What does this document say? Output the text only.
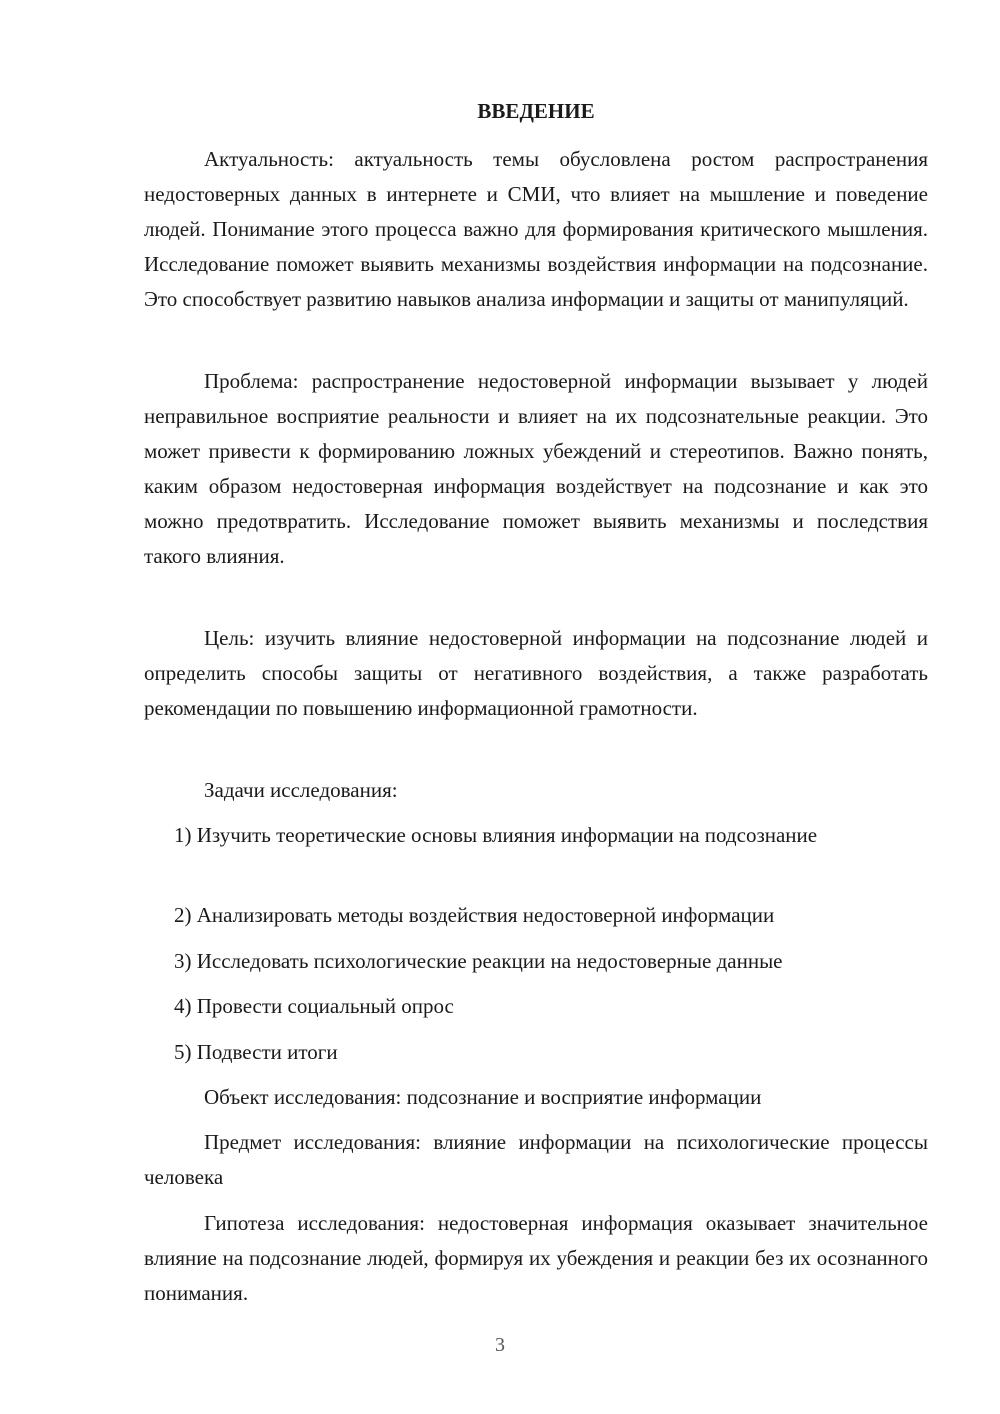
ВВЕДЕНИЕ

Актуальность: актуальность темы обусловлена ростом распространения недостоверных данных в интернете и СМИ, что влияет на мышление и поведение людей. Понимание этого процесса важно для формирования критического мышления. Исследование поможет выявить механизмы воздействия информации на подсознание. Это способствует развитию навыков анализа информации и защиты от манипуляций.

Проблема: распространение недостоверной информации вызывает у людей неправильное восприятие реальности и влияет на их подсознательные реакции. Это может привести к формированию ложных убеждений и стереотипов. Важно понять, каким образом недостоверная информация воздействует на подсознание и как это можно предотвратить. Исследование поможет выявить механизмы и последствия такого влияния.

Цель: изучить влияние недостоверной информации на подсознание людей и определить способы защиты от негативного воздействия, а также разработать рекомендации по повышению информационной грамотности.

Задачи исследования:

1) Изучить теоретические основы влияния информации на подсознание

2) Анализировать методы воздействия недостоверной информации

3) Исследовать психологические реакции на недостоверные данные

4) Провести социальный опрос

5) Подвести итоги

Объект исследования: подсознание и восприятие информации

Предмет исследования: влияние информации на психологические процессы человека

Гипотеза исследования: недостоверная информация оказывает значительное влияние на подсознание людей, формируя их убеждения и реакции без их осознанного понимания.

3
